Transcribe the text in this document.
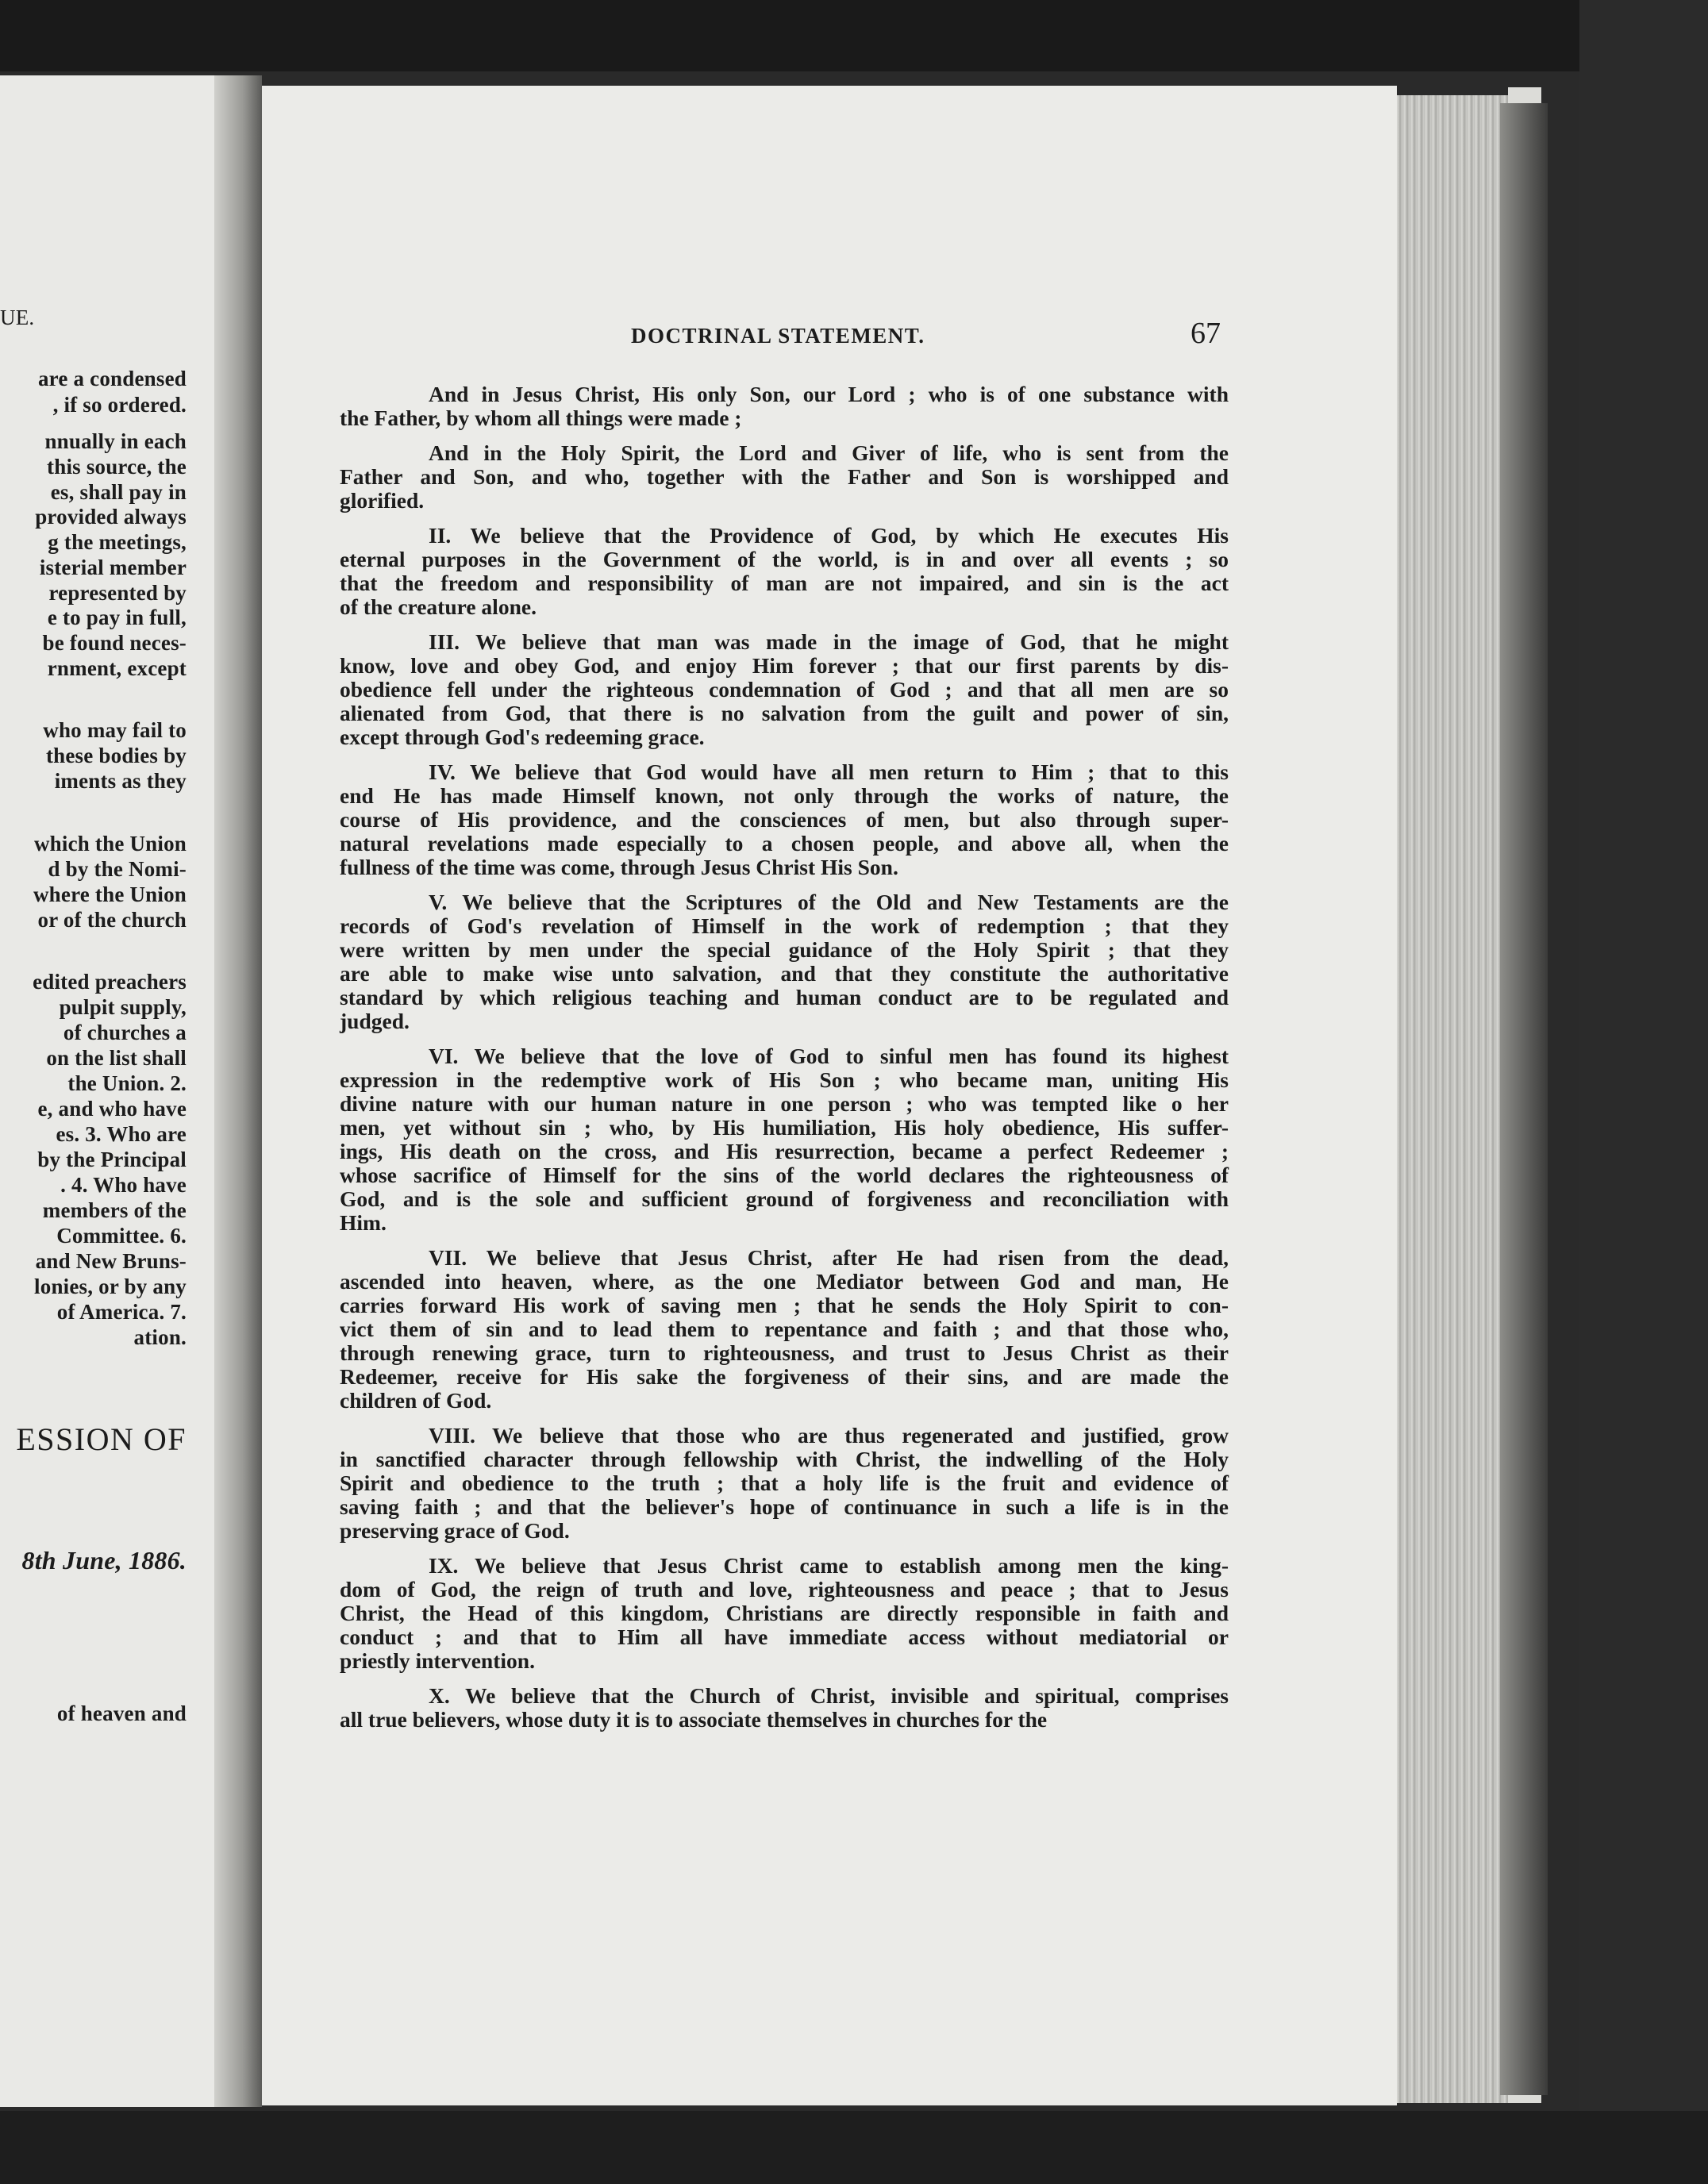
UE.
are a condensed
, if so ordered.
nnually in each
this source, the
es, shall pay in
provided always
g the meetings,
isterial member
represented by
e to pay in full,
be found neces-
rnment, except
who may fail to
these bodies by
iments as they
which the Union
d by the Nomi-
where the Union
or of the church
edited preachers
pulpit supply,
of churches a
on the list shall
the Union. 2.
e, and who have
es. 3. Who are
by the Principal
. 4. Who have
members of the
Committee. 6.
and New Bruns-
lonies, or by any
of America. 7.
ation.
ESSION OF
8th June, 1886.
of heaven and
DOCTRINAL STATEMENT.	67

And in Jesus Christ, His only Son, our Lord ; who is of one substance with
the Father, by whom all things were made ;

And in the Holy Spirit, the Lord and Giver of life, who is sent from the
Father and Son, and who, together with the Father and Son is worshipped and
glorified.

II. We believe that the Providence of God, by which He executes His
eternal purposes in the Government of the world, is in and over all events ; so
that the freedom and responsibility of man are not impaired, and sin is the act
of the creature alone.

III. We believe that man was made in the image of God, that he might
know, love and obey God, and enjoy Him forever ; that our first parents by dis-
obedience fell under the righteous condemnation of God ; and that all men are so
alienated from God, that there is no salvation from the guilt and power of sin,
except through God's redeeming grace.

IV. We believe that God would have all men return to Him ; that to this
end He has made Himself known, not only through the works of nature, the
course of His providence, and the consciences of men, but also through super-
natural revelations made especially to a chosen people, and above all, when the
fullness of the time was come, through Jesus Christ His Son.

V. We believe that the Scriptures of the Old and New Testaments are the
records of God's revelation of Himself in the work of redemption ; that they
were written by men under the special guidance of the Holy Spirit ; that they
are able to make wise unto salvation, and that they constitute the authoritative
standard by which religious teaching and human conduct are to be regulated and
judged.

VI. We believe that the love of God to sinful men has found its highest
expression in the redemptive work of His Son ; who became man, uniting His
divine nature with our human nature in one person ; who was tempted like o her
men, yet without sin ; who, by His humiliation, His holy obedience, His suffer-
ings, His death on the cross, and His resurrection, became a perfect Redeemer ;
whose sacrifice of Himself for the sins of the world declares the righteousness of
God, and is the sole and sufficient ground of forgiveness and reconciliation with
Him.

VII. We believe that Jesus Christ, after He had risen from the dead,
ascended into heaven, where, as the one Mediator between God and man, He
carries forward His work of saving men ; that he sends the Holy Spirit to con-
vict them of sin and to lead them to repentance and faith ; and that those who,
through renewing grace, turn to righteousness, and trust to Jesus Christ as their
Redeemer, receive for His sake the forgiveness of their sins, and are made the
children of God.

VIII. We believe that those who are thus regenerated and justified, grow
in sanctified character through fellowship with Christ, the indwelling of the Holy
Spirit and obedience to the truth ; that a holy life is the fruit and evidence of
saving faith ; and that the believer's hope of continuance in such a life is in the
preserving grace of God.

IX. We believe that Jesus Christ came to establish among men the king-
dom of God, the reign of truth and love, righteousness and peace ; that to Jesus
Christ, the Head of this kingdom, Christians are directly responsible in faith and
conduct ; and that to Him all have immediate access without mediatorial or
priestly intervention.

X. We believe that the Church of Christ, invisible and spiritual, comprises
all true believers, whose duty it is to associate themselves in churches for the
